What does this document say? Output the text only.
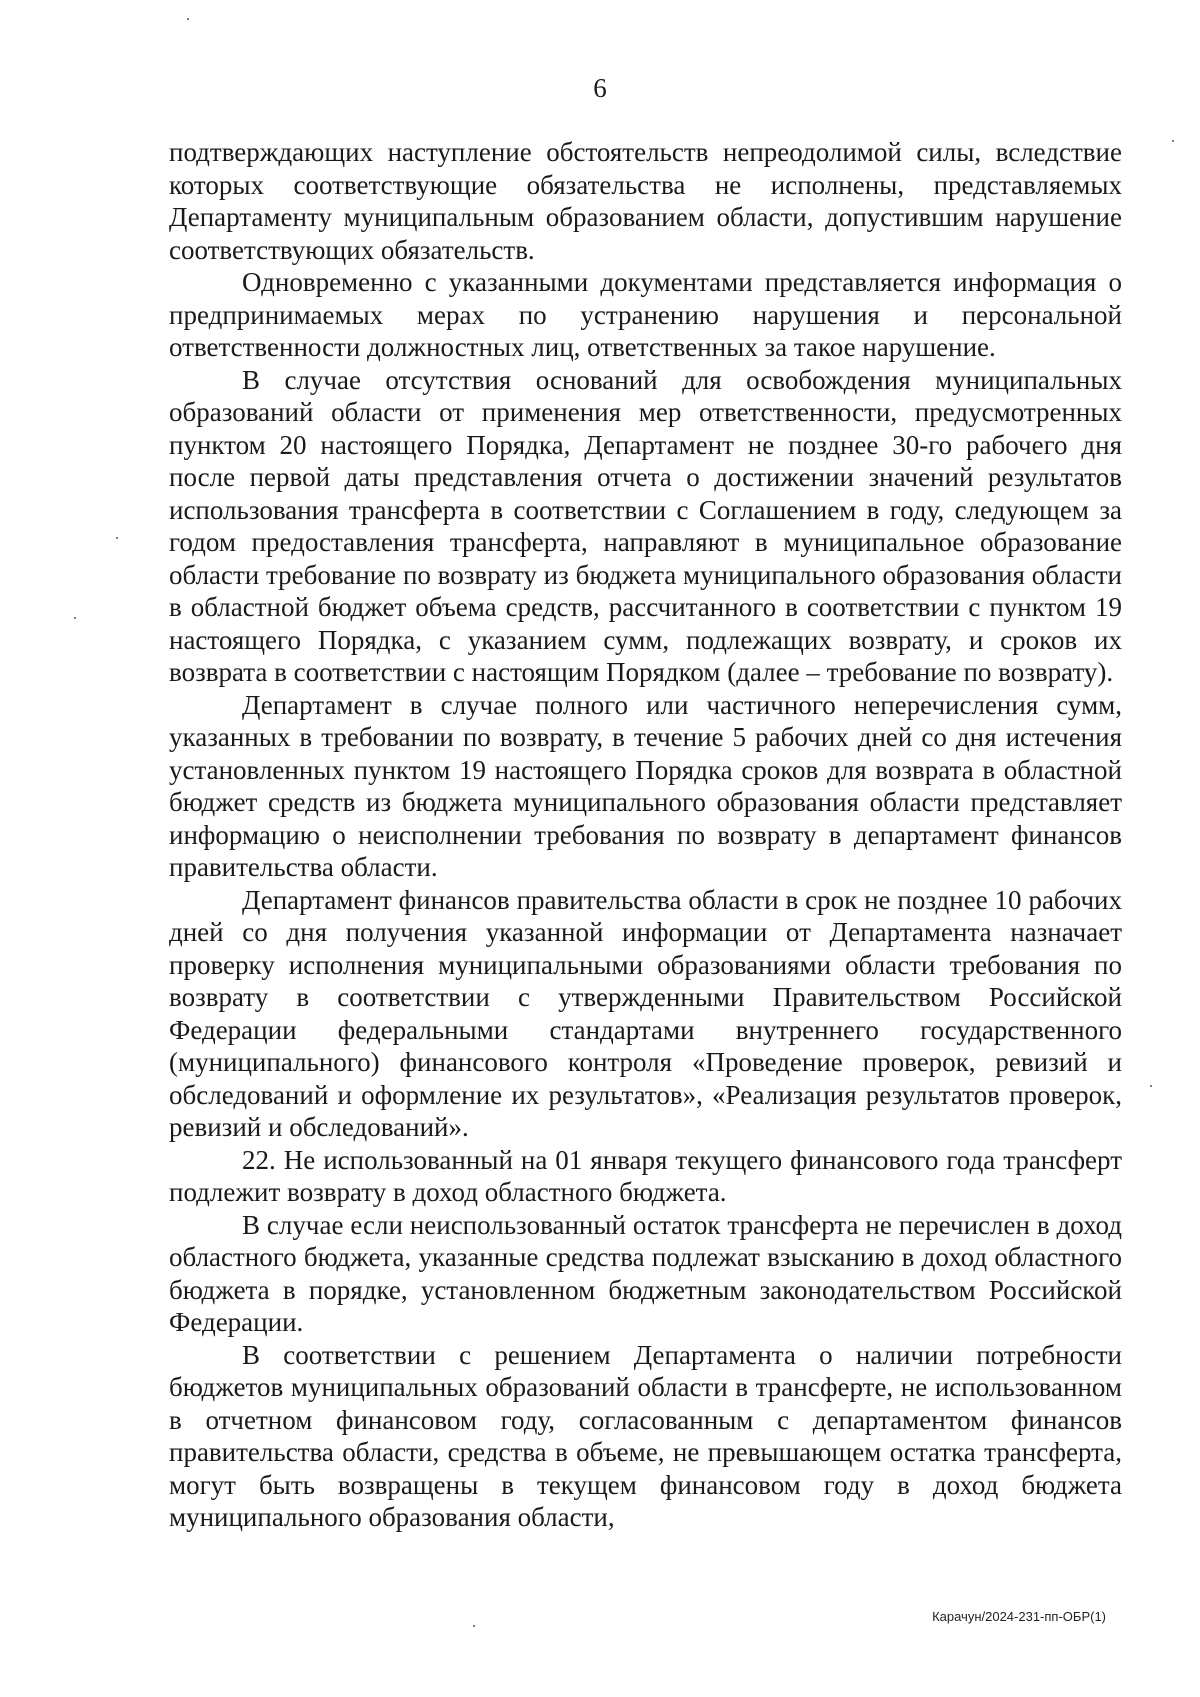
6

подтверждающих наступление обстоятельств непреодолимой силы, вследствие которых соответствующие обязательства не исполнены, представляемых Департаменту муниципальным образованием области, допустившим нарушение соответствующих обязательств.

Одновременно с указанными документами представляется информация о предпринимаемых мерах по устранению нарушения и персональной ответственности должностных лиц, ответственных за такое нарушение.

В случае отсутствия оснований для освобождения муниципальных образований области от применения мер ответственности, предусмотренных пунктом 20 настоящего Порядка, Департамент не позднее 30-го рабочего дня после первой даты представления отчета о достижении значений результатов использования трансферта в соответствии с Соглашением в году, следующем за годом предоставления трансферта, направляют в муниципальное образование области требование по возврату из бюджета муниципального образования области в областной бюджет объема средств, рассчитанного в соответствии с пунктом 19 настоящего Порядка, с указанием сумм, подлежащих возврату, и сроков их возврата в соответствии с настоящим Порядком (далее – требование по возврату).

Департамент в случае полного или частичного неперечисления сумм, указанных в требовании по возврату, в течение 5 рабочих дней со дня истечения установленных пунктом 19 настоящего Порядка сроков для возврата в областной бюджет средств из бюджета муниципального образования области представляет информацию о неисполнении требования по возврату в департамент финансов правительства области.

Департамент финансов правительства области в срок не позднее 10 рабочих дней со дня получения указанной информации от Департамента назначает проверку исполнения муниципальными образованиями области требования по возврату в соответствии с утвержденными Правительством Российской Федерации федеральными стандартами внутреннего государственного (муниципального) финансового контроля «Проведение проверок, ревизий и обследований и оформление их результатов», «Реализация результатов проверок, ревизий и обследований».

22. Не использованный на 01 января текущего финансового года трансферт подлежит возврату в доход областного бюджета.

В случае если неиспользованный остаток трансферта не перечислен в доход областного бюджета, указанные средства подлежат взысканию в доход областного бюджета в порядке, установленном бюджетным законодательством Российской Федерации.

В соответствии с решением Департамента о наличии потребности бюджетов муниципальных образований области в трансферте, не использованном в отчетном финансовом году, согласованным с департаментом финансов правительства области, средства в объеме, не превышающем остатка трансферта, могут быть возвращены в текущем финансовом году в доход бюджета муниципального образования области,

Карачун/2024-231-пп-ОБР(1)
